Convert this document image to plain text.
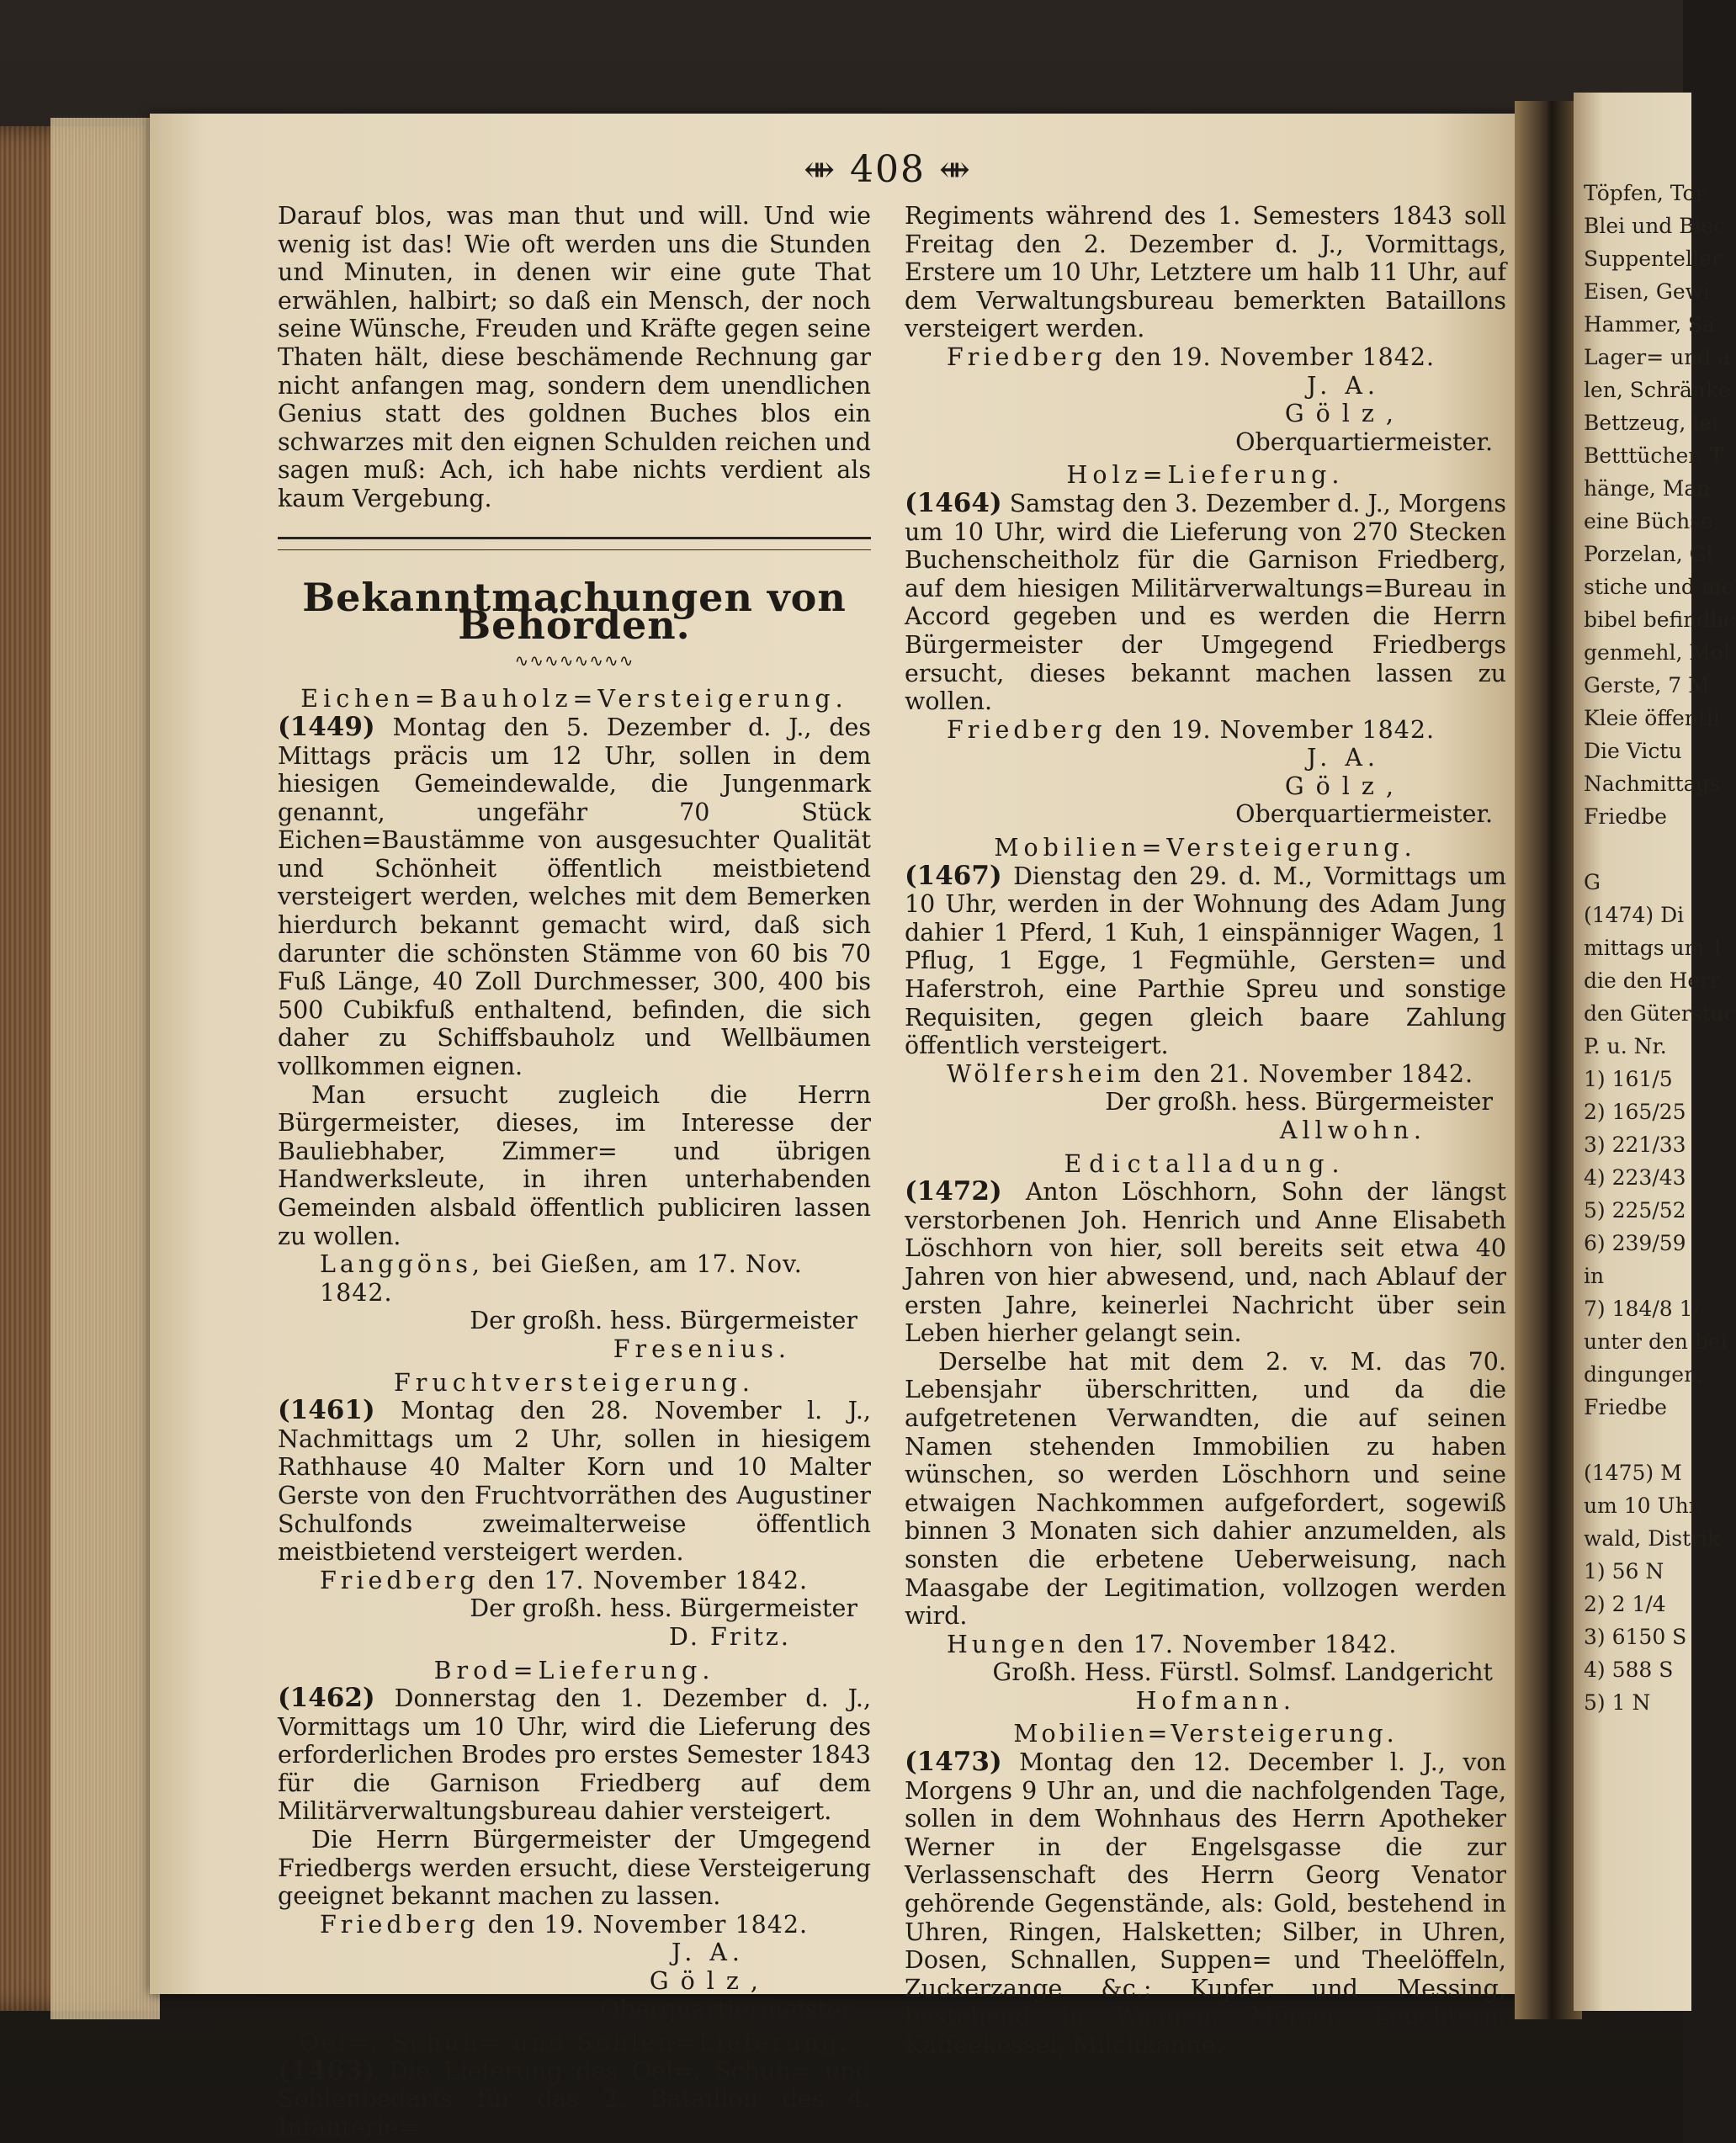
Töpfen, Tor
Blei und Blec
Suppenteller
Eisen, Gewi
Hammer, Sä
Lager= und a
len, Schränke
Bettzeug, lei
Betttücher, T
hänge, Man
eine Büchse,
Porzelan, Gl
stiche und me
bibel befindlic
genmehl, Mol
Gerste, 7 M
Kleie öffentli
Die Victu
Nachmittags
Friedbe

G
(1474) Di
mittags um 1
die den Herr
den Güterstüc
P. u. Nr.
1) 161/5
2) 165/25
3) 221/33
4) 223/43
5) 225/52
6) 239/59
in
7) 184/8 1/
unter den bei
dingungen,
Friedbe

(1475) M
um 10 Uhr,
wald, Distrik
1) 56 N
2) 2 1/4
3) 6150 S
4) 588 S
5) 1 N
⇼ 408 ⇼

Darauf blos, was man thut und will. Und wie wenig ist das! Wie oft werden uns die Stunden und Minuten, in denen wir eine gute That erwählen, halbirt; so daß ein Mensch, der noch seine Wünsche, Freuden und Kräfte gegen seine Thaten hält, diese beschämende Rechnung gar nicht anfangen mag, sondern dem unendlichen Genius statt des goldnen Buches blos ein schwarzes mit den eignen Schulden reichen und sagen muß: Ach, ich habe nichts verdient als kaum Vergebung.

Bekanntmachungen von Behörden.
∿∿∿∿∿∿∿∿
Eichen=Bauholz=Versteigerung.

(1449) Montag den 5. Dezember d. J., des Mittags präcis um 12 Uhr, sollen in dem hiesigen Gemeindewalde, die Jungenmark genannt, ungefähr 70 Stück Eichen=Baustämme von ausgesuchter Qualität und Schönheit öffentlich meistbietend versteigert werden, welches mit dem Bemerken hierdurch bekannt gemacht wird, daß sich darunter die schönsten Stämme von 60 bis 70 Fuß Länge, 40 Zoll Durchmesser, 300, 400 bis 500 Cubikfuß enthaltend, befinden, die sich daher zu Schiffsbauholz und Wellbäumen vollkommen eignen.

Man ersucht zugleich die Herrn Bürgermeister, dieses, im Interesse der Bauliebhaber, Zimmer= und übrigen Handwerksleute, in ihren unterhabenden Gemeinden alsbald öffentlich publiciren lassen zu wollen.

Langgöns, bei Gießen, am 17. Nov. 1842.
Der großh. hess. Bürgermeister
Fresenius.
Fruchtversteigerung.

(1461) Montag den 28. November l. J., Nachmittags um 2 Uhr, sollen in hiesigem Rathhause 40 Malter Korn und 10 Malter Gerste von den Fruchtvorräthen des Augustiner Schulfonds zweimalterweise öffentlich meistbietend versteigert werden.

Friedberg den 17. November 1842.
Der großh. hess. Bürgermeister
D. Fritz.
Brod=Lieferung.

(1462) Donnerstag den 1. Dezember d. J., Vormittags um 10 Uhr, wird die Lieferung des erforderlichen Brodes pro erstes Semester 1843 für die Garnison Friedberg auf dem Militärverwaltungsbureau dahier versteigert.

Die Herrn Bürgermeister der Umgegend Friedbergs werden ersucht, diese Versteigerung geeignet bekannt machen zu lassen.

Friedberg den 19. November 1842.
J. A.
Gölz,
Oberquartiermeister.
Oel=, Schuh= und Sohlen=Lieferung.

(1463) Die Lieferung des Oel=, Schuh= und Sohlenbedarfs für das 2. Bataillon des 4. Infanterie=

Regiments während des 1. Semesters 1843 soll Freitag den 2. Dezember d. J., Vormittags, Erstere um 10 Uhr, Letztere um halb 11 Uhr, auf dem Verwaltungsbureau bemerkten Bataillons versteigert werden.

Friedberg den 19. November 1842.
J. A.
Gölz,
Oberquartiermeister.
Holz=Lieferung.

(1464) Samstag den 3. Dezember d. J., Morgens um 10 Uhr, wird die Lieferung von 270 Stecken Buchenscheitholz für die Garnison Friedberg, auf dem hiesigen Militärverwaltungs=Bureau in Accord gegeben und es werden die Herrn Bürgermeister der Umgegend Friedbergs ersucht, dieses bekannt machen lassen zu wollen.

Friedberg den 19. November 1842.
J. A.
Gölz,
Oberquartiermeister.
Mobilien=Versteigerung.

(1467) Dienstag den 29. d. M., Vormittags um 10 Uhr, werden in der Wohnung des Adam Jung dahier 1 Pferd, 1 Kuh, 1 einspänniger Wagen, 1 Pflug, 1 Egge, 1 Fegmühle, Gersten= und Haferstroh, eine Parthie Spreu und sonstige Requisiten, gegen gleich baare Zahlung öffentlich versteigert.

Wölfersheim den 21. November 1842.
Der großh. hess. Bürgermeister
Allwohn.
Edictalladung.

(1472) Anton Löschhorn, Sohn der längst verstorbenen Joh. Henrich und Anne Elisabeth Löschhorn von hier, soll bereits seit etwa 40 Jahren von hier abwesend, und, nach Ablauf der ersten Jahre, keinerlei Nachricht über sein Leben hierher gelangt sein.

Derselbe hat mit dem 2. v. M. das 70. Lebensjahr überschritten, und da die aufgetretenen Verwandten, die auf seinen Namen stehenden Immobilien zu haben wünschen, so werden Löschhorn und seine etwaigen Nachkommen aufgefordert, sogewiß binnen 3 Monaten sich dahier anzumelden, als sonsten die erbetene Ueberweisung, nach Maasgabe der Legitimation, vollzogen werden wird.

Hungen den 17. November 1842.
Großh. Hess. Fürstl. Solmsf. Landgericht
Hofmann.
Mobilien=Versteigerung.

(1473) Montag den 12. December l. J., von Morgens 9 Uhr an, und die nachfolgenden Tage, sollen in dem Wohnhaus des Herrn Apotheker Werner in der Engelsgasse die zur Verlassenschaft des Herrn Georg Venator gehörende Gegenstände, als: Gold, bestehend in Uhren, Ringen, Halsketten; Silber, in Uhren, Dosen, Schnallen, Suppen= und Theelöffeln, Zuckerzange &c.; Kupfer und Messing, bestehend in Waagen, Mörser, Leuchtern, Kaffeekessel, Milchkanne,
